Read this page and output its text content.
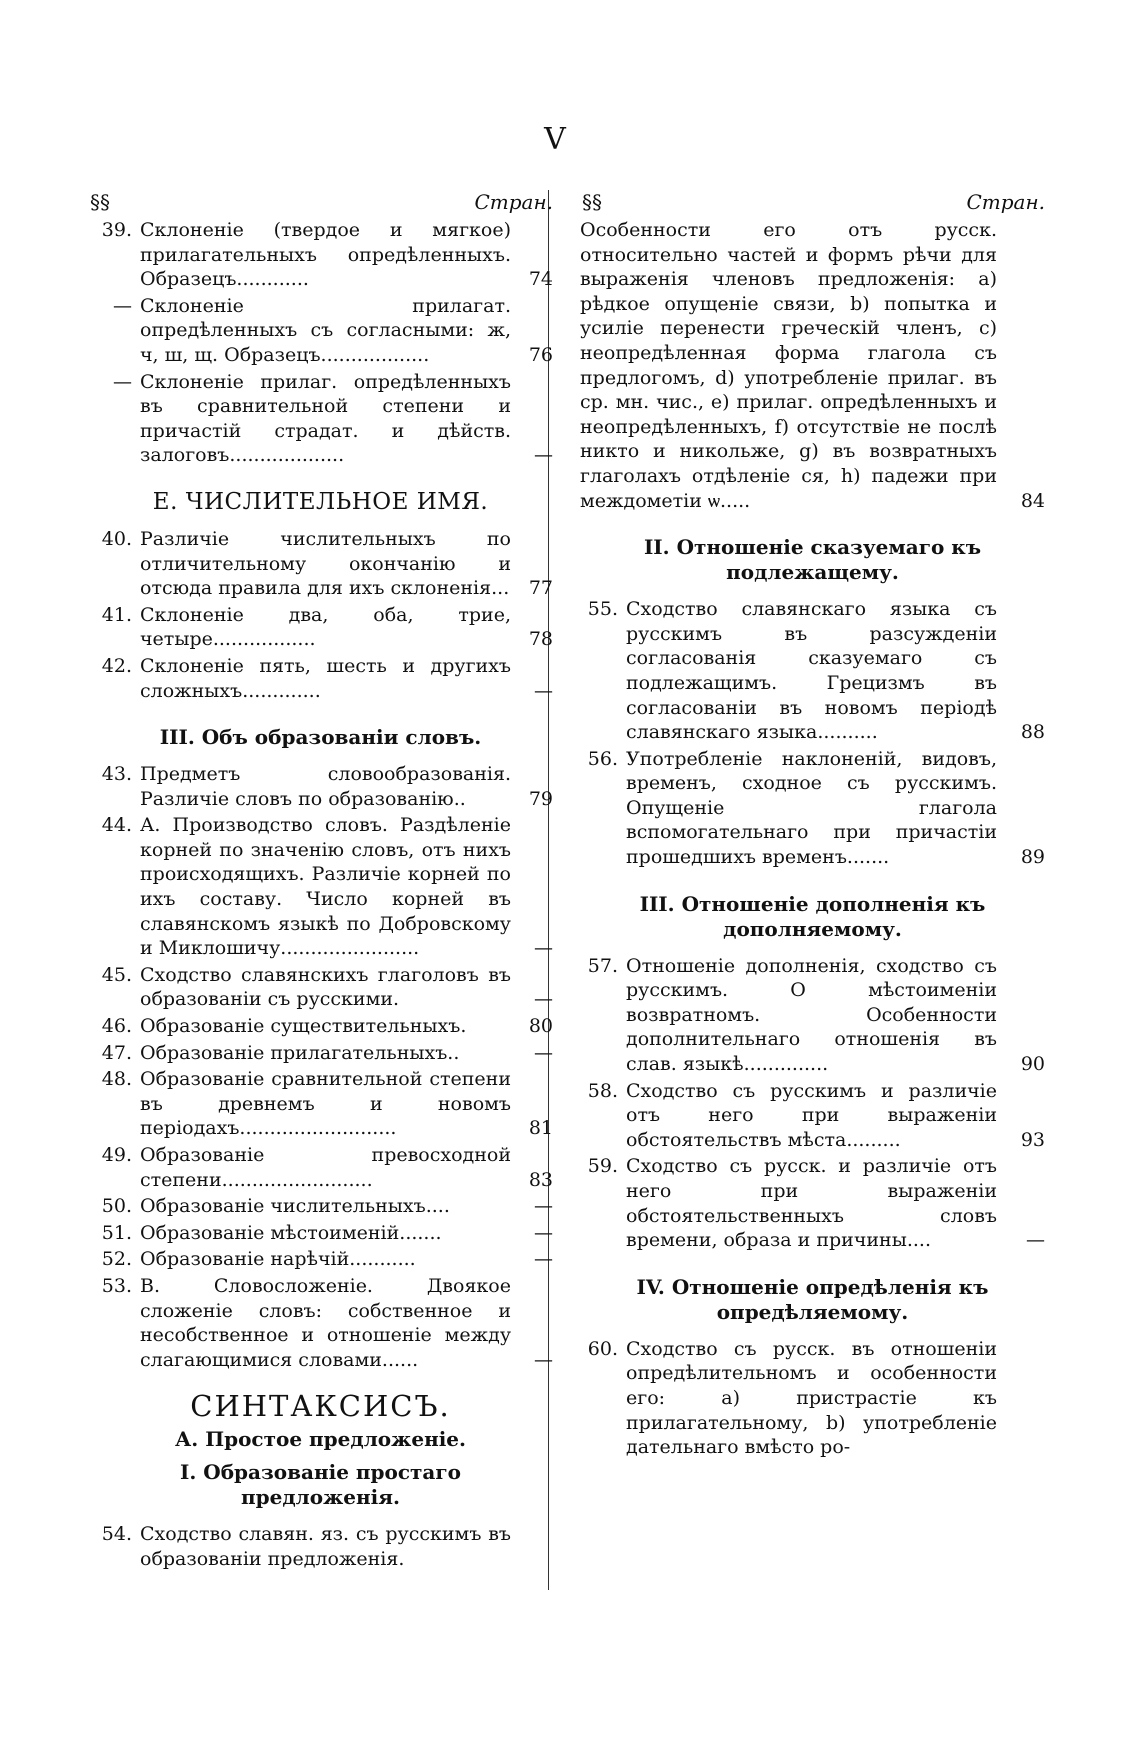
V
§§	Стран.
39. Склоненіе (твердое и мягкое) прилагательныхъ опредѣленныхъ. Образецъ............	74
— Склоненіе прилагат. опредѣленныхъ съ согласными: ж, ч, ш, щ. Образецъ..................	76
— Склоненіе прилаг. опредѣленныхъ въ сравнительной степени и причастій страдат. и дѣйств. залоговъ...................	—
Е. ЧИСЛИТЕЛЬНОЕ ИМЯ.
40. Различіе числительныхъ по отличительному окончанію и отсюда правила для ихъ склоненія...	77
41. Склоненіе два, оба, трие, четыре.................	78
42. Склоненіе пять, шесть и другихъ сложныхъ.............	—
III. Объ образованіи словъ.
43. Предметъ словообразованія. Различіе словъ по образованію..	79
44. А. Производство словъ. Раздѣленіе корней по значенію словъ, отъ нихъ происходящихъ. Различіе корней по ихъ составу. Число корней въ славянскомъ языкѣ по Добровскому и Миклошичу.......................	—
45. Сходство славянскихъ глаголовъ въ образованіи съ русскими.	—
46. Образованіе существительныхъ.	80
47. Образованіе прилагательныхъ..	—
48. Образованіе сравнительной степени въ древнемъ и новомъ періодахъ..........................	81
49. Образованіе превосходной степени.........................	83
50. Образованіе числительныхъ....	—
51. Образованіе мѣстоименій.......	—
52. Образованіе нарѣчій...........	—
53. В. Словосложеніе. Двоякое сложеніе словъ: собственное и несобственное и отношеніе между слагающимися словами......	—
СИНТАКСИСЪ.
А. Простое предложеніе.
I. Образованіе простаго предложенія.
54. Сходство славян. яз. съ русскимъ въ образованіи предложенія.
§§	Стран.
Особенности его отъ русск. относительно частей и формъ рѣчи для выраженія членовъ предложенія: a) рѣдкое опущеніе связи, b) попытка и усиліе перенести греческій членъ, c) неопредѣленная форма глагола съ предлогомъ, d) употребленіе прилаг. въ ср. мн. чис., e) прилаг. опредѣленныхъ и неопредѣленныхъ, f) отсутствіе не послѣ никто и никольже, g) въ возвратныхъ глаголахъ отдѣленіе ся, h) падежи при междометіи ѡ.....	84
II. Отношеніе сказуемаго къ подлежащему.
55. Сходство славянскаго языка съ русскимъ въ разсужденіи согласованія сказуемаго съ подлежащимъ. Грецизмъ въ согласованіи въ новомъ періодѣ славянскаго языка..........	88
56. Употребленіе наклоненій, видовъ, временъ, сходное съ русскимъ. Опущеніе глагола вспомогательнаго при причастіи прошедшихъ временъ.......	89
III. Отношеніе дополненія къ дополняемому.
57. Отношеніе дополненія, сходство съ русскимъ. О мѣстоименіи возвратномъ. Особенности дополнительнаго отношенія въ слав. языкѣ..............	90
58. Сходство съ русскимъ и различіе отъ него при выраженіи обстоятельствъ мѣста.........	93
59. Сходство съ русск. и различіе отъ него при выраженіи обстоятельственныхъ словъ времени, образа и причины....	—
IV. Отношеніе опредѣленія къ опредѣляемому.
60. Сходство съ русск. въ отношеніи опредѣлительномъ и особенности его: a) пристрастіе къ прилагательному, b) употребленіе дательнаго вмѣсто ро-
